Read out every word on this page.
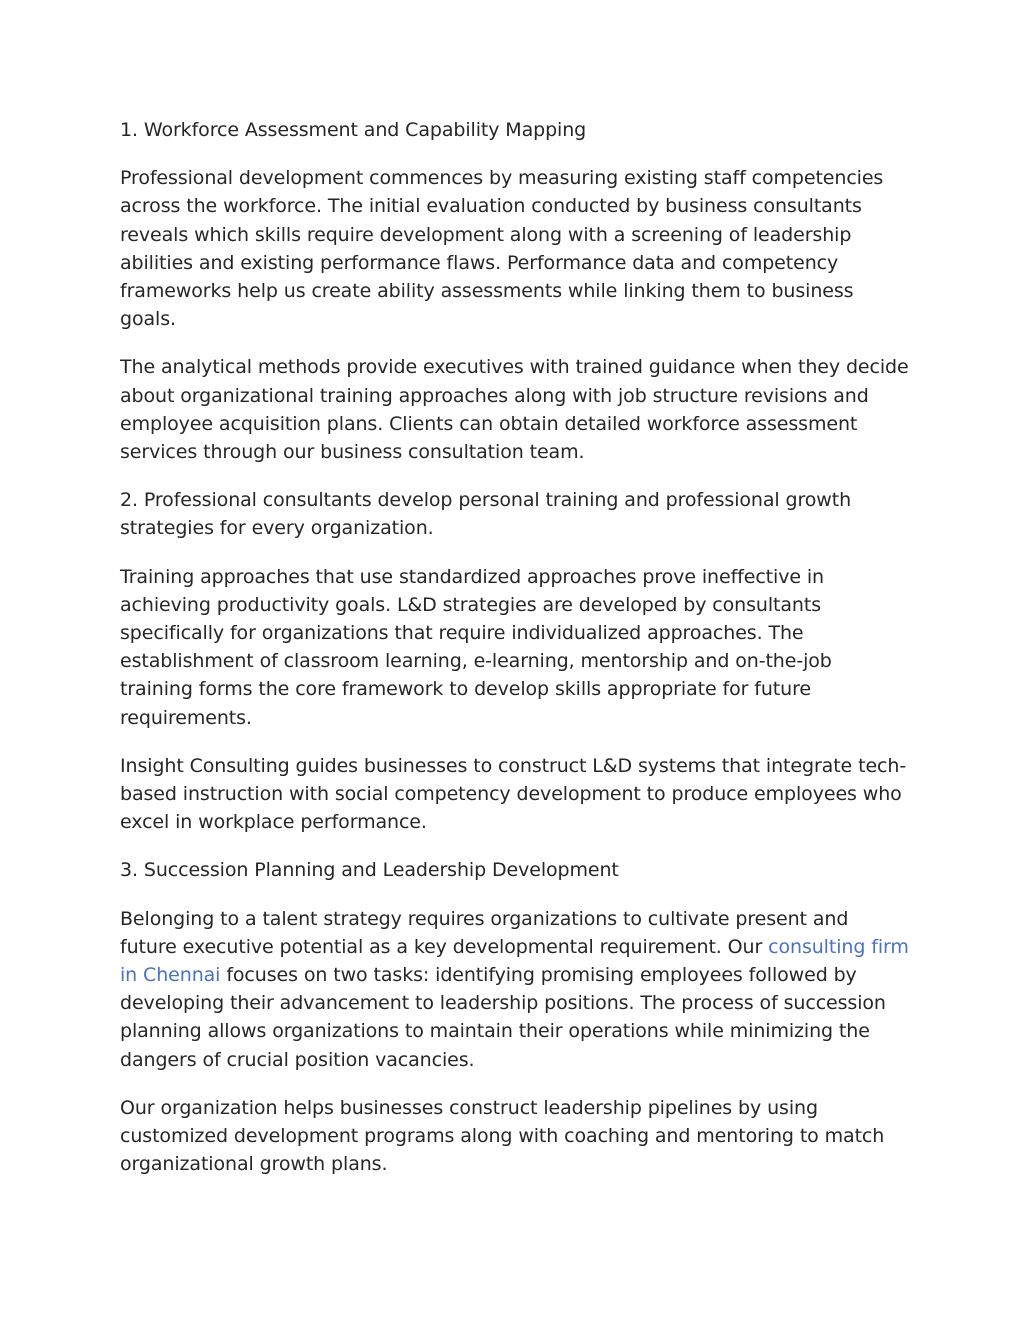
1. Workforce Assessment and Capability Mapping

Professional development commences by measuring existing staff competencies across the workforce. The initial evaluation conducted by business consultants reveals which skills require development along with a screening of leadership abilities and existing performance flaws. Performance data and competency frameworks help us create ability assessments while linking them to business goals.

The analytical methods provide executives with trained guidance when they decide about organizational training approaches along with job structure revisions and employee acquisition plans. Clients can obtain detailed workforce assessment services through our business consultation team.

2. Professional consultants develop personal training and professional growth strategies for every organization.

Training approaches that use standardized approaches prove ineffective in achieving productivity goals. L&D strategies are developed by consultants specifically for organizations that require individualized approaches. The establishment of classroom learning, e-learning, mentorship and on-the-job training forms the core framework to develop skills appropriate for future requirements.

Insight Consulting guides businesses to construct L&D systems that integrate tech-based instruction with social competency development to produce employees who excel in workplace performance.

3. Succession Planning and Leadership Development

Belonging to a talent strategy requires organizations to cultivate present and future executive potential as a key developmental requirement. Our consulting firm in Chennai focuses on two tasks: identifying promising employees followed by developing their advancement to leadership positions. The process of succession planning allows organizations to maintain their operations while minimizing the dangers of crucial position vacancies.

Our organization helps businesses construct leadership pipelines by using customized development programs along with coaching and mentoring to match organizational growth plans.
